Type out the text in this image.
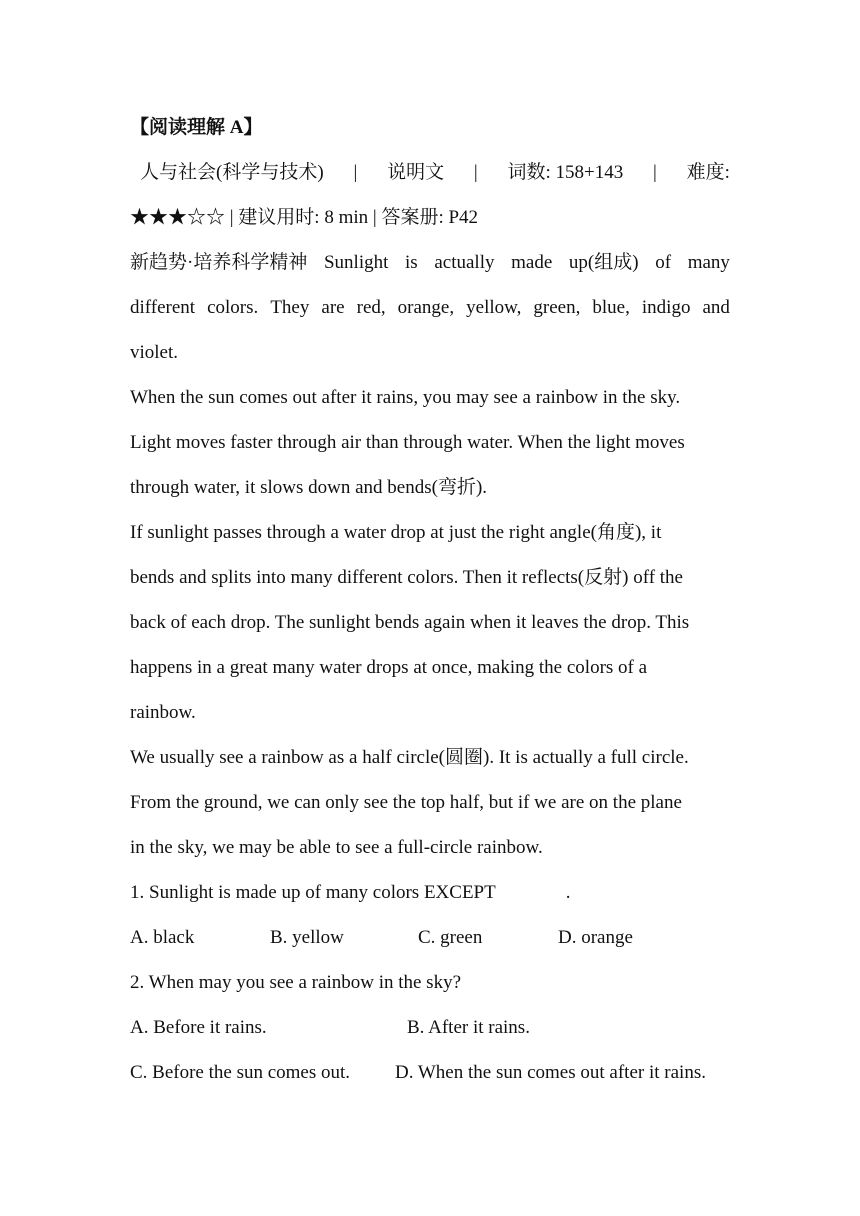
【阅读理解 A】
人与社会(科学与技术) | 说明文 | 词数: 158+143 | 难度:
★★★☆☆ | 建议用时: 8 min | 答案册: P42
新趋势·培养科学精神 Sunlight is actually made up(组成) of many
different colors. They are red, orange, yellow, green, blue, indigo and
violet.
When the sun comes out after it rains, you may see a rainbow in the sky.
Light moves faster through air than through water. When the light moves
through water, it slows down and bends(弯折).
If sunlight passes through a water drop at just the right angle(角度), it
bends and splits into many different colors. Then it reflects(反射) off the
back of each drop. The sunlight bends again when it leaves the drop. This
happens in a great many water drops at once, making the colors of a
rainbow.
We usually see a rainbow as a half circle(圆圈). It is actually a full circle.
From the ground, we can only see the top half, but if we are on the plane
in the sky, we may be able to see a full-circle rainbow.
1. Sunlight is made up of many colors EXCEPT	.
A. black	B. yellow	C. green	D. orange
2. When may you see a rainbow in the sky?
A. Before it rains.	B. After it rains.
C. Before the sun comes out.	D. When the sun comes out after it rains.
